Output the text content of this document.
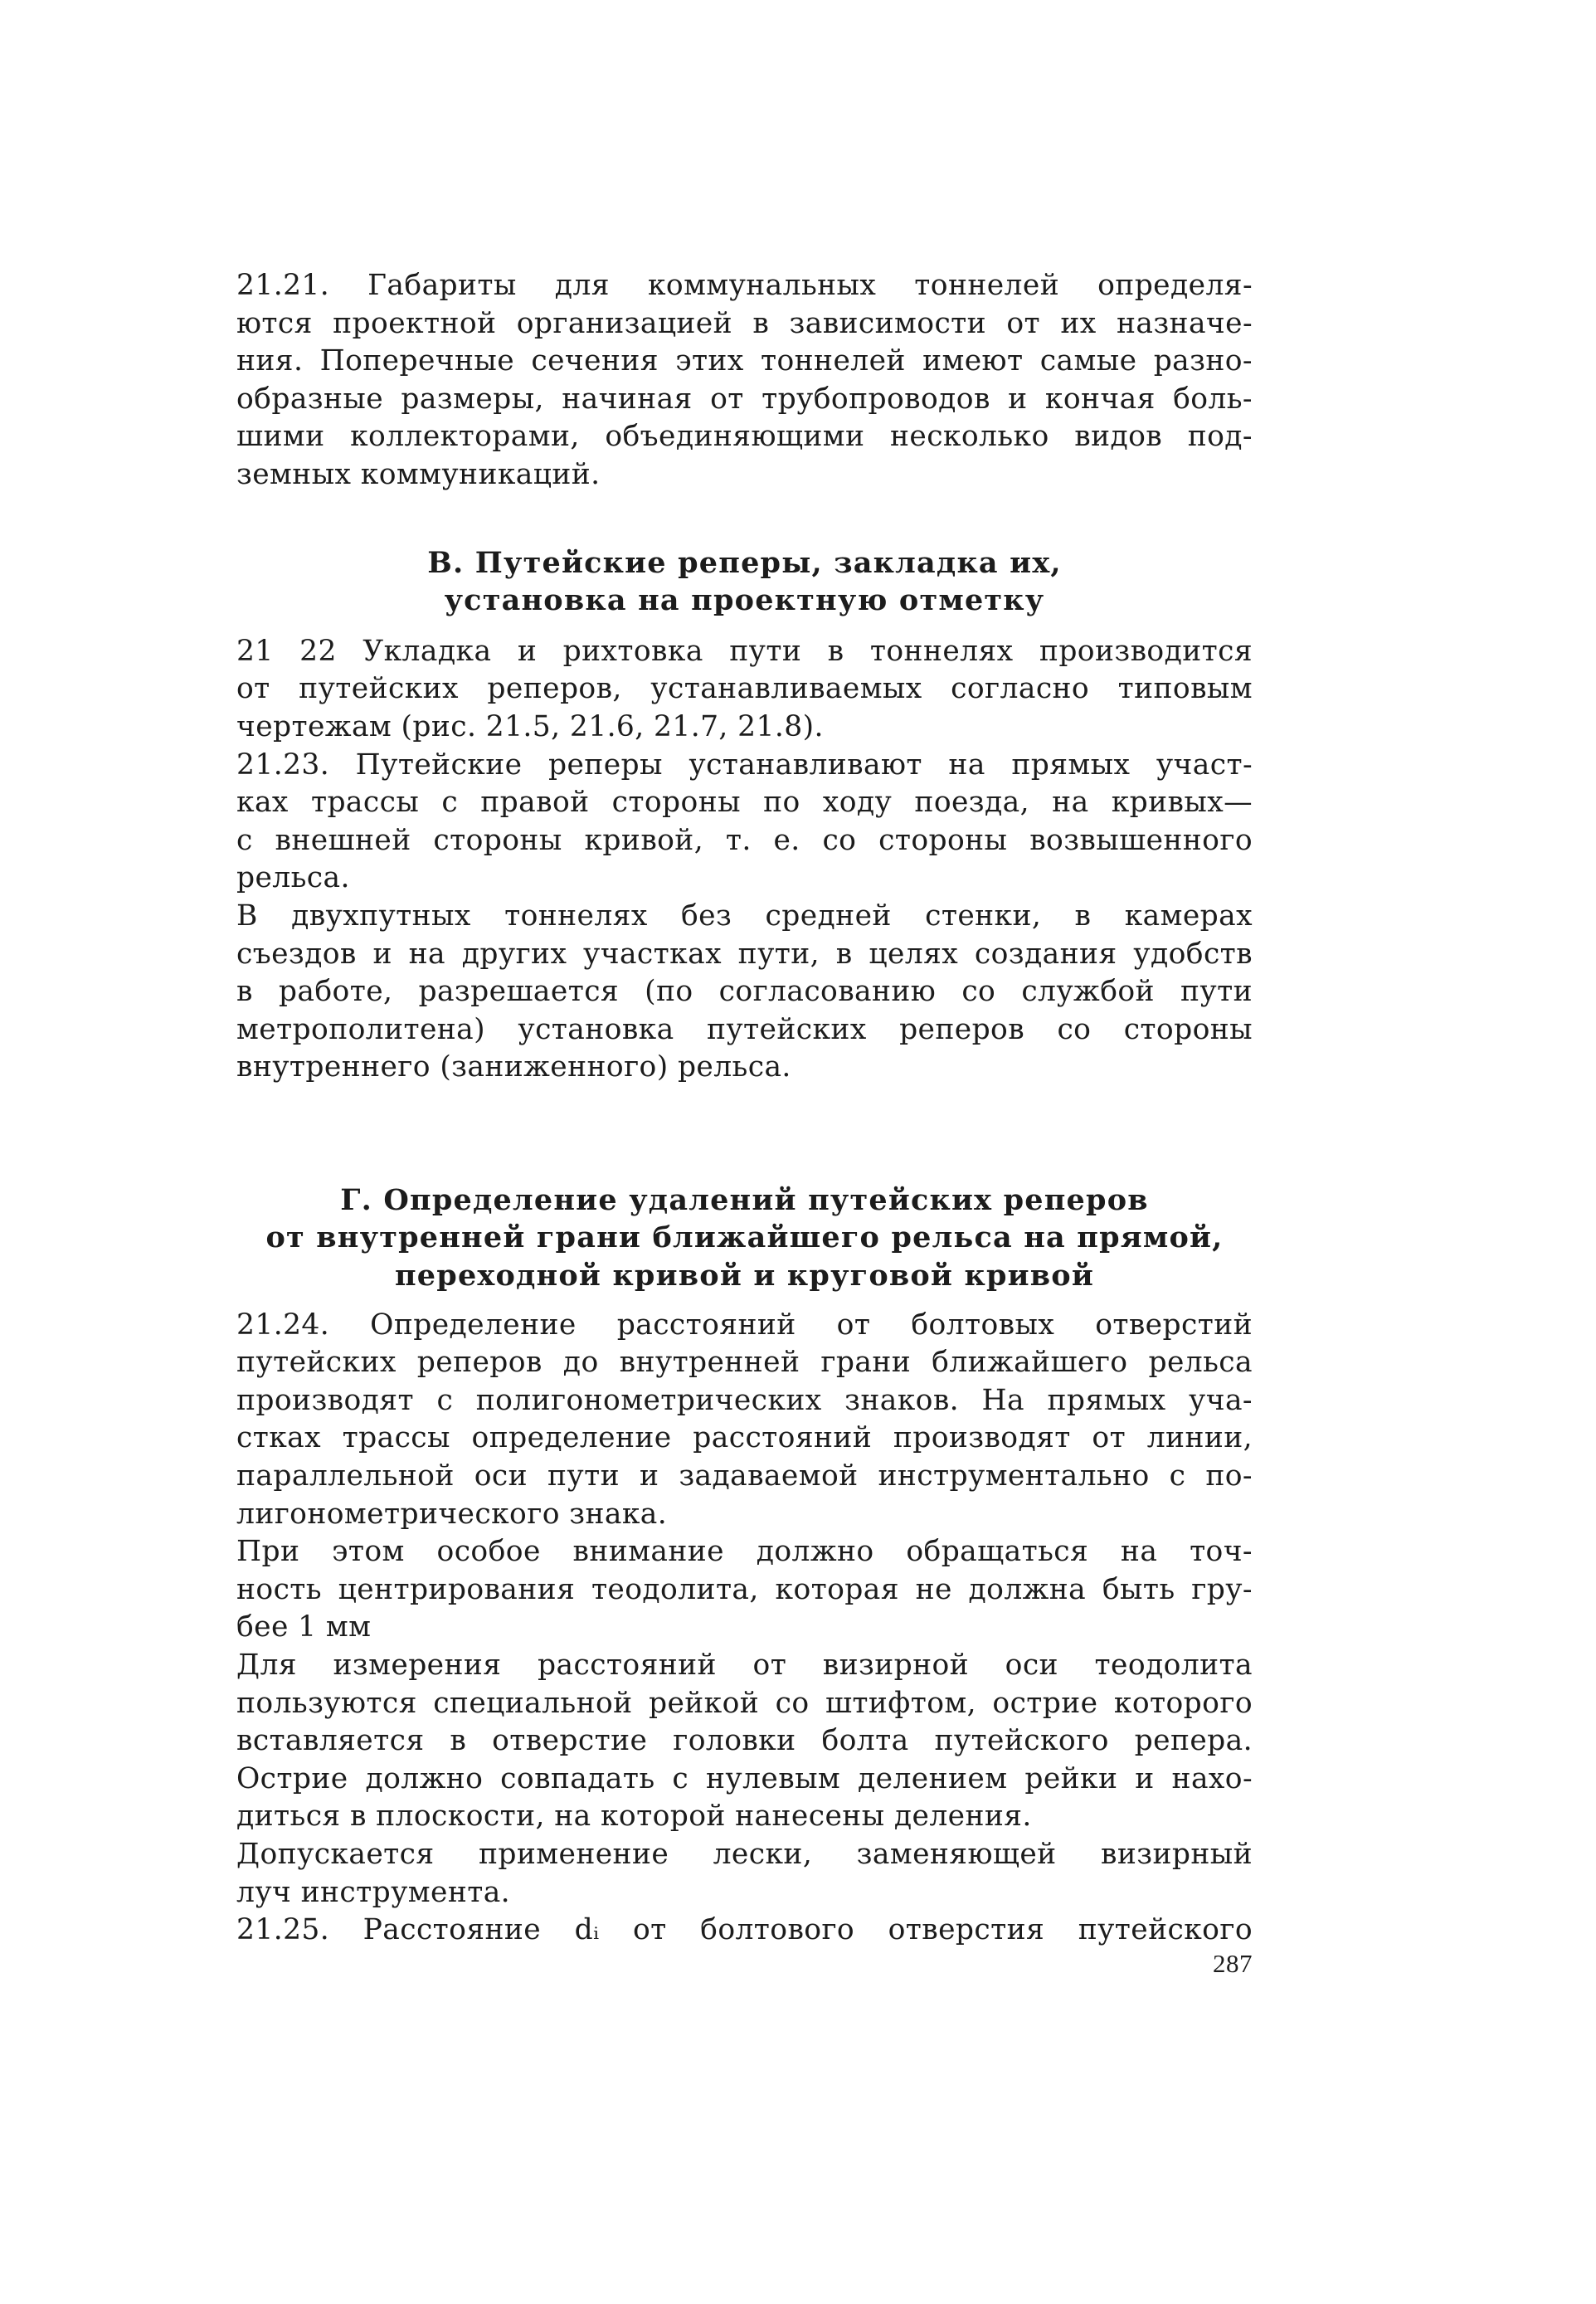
21.21. Габариты для коммунальных тоннелей определя-

ются проектной организацией в зависимости от их назначе-

ния. Поперечные сечения этих тоннелей имеют самые разно-

образные размеры, начиная от трубопроводов и кончая боль-

шими коллекторами, объединяющими несколько видов под-

земных коммуникаций.

В. Путейские реперы, закладка их,

установка на проектную отметку

21 22 Укладка и рихтовка пути в тоннелях производится

от путейских реперов, устанавливаемых согласно типовым

чертежам (рис. 21.5, 21.6, 21.7, 21.8).

21.23. Путейские реперы устанавливают на прямых участ-

ках трассы с правой стороны по ходу поезда, на кривых—

с внешней стороны кривой, т. е. со стороны возвышенного

рельса.

В двухпутных тоннелях без средней стенки, в камерах

съездов и на других участках пути, в целях создания удобств

в работе, разрешается (по согласованию со службой пути

метрополитена) установка путейских реперов со стороны

внутреннего (заниженного) рельса.

Г. Определение удалений путейских реперов

от внутренней грани ближайшего рельса на прямой,

переходной кривой и круговой кривой

21.24. Определение расстояний от болтовых отверстий

путейских реперов до внутренней грани ближайшего рельса

производят с полигонометрических знаков. На прямых уча-

стках трассы определение расстояний производят от линии,

параллельной оси пути и задаваемой инструментально с по-

лигонометрического знака.

При этом особое внимание должно обращаться на точ-

ность центрирования теодолита, которая не должна быть гру-

бее 1 мм

Для измерения расстояний от визирной оси теодолита

пользуются специальной рейкой со штифтом, острие которого

вставляется в отверстие головки болта путейского репера.

Острие должно совпадать с нулевым делением рейки и нахо-

диться в плоскости, на которой нанесены деления.

Допускается применение лески, заменяющей визирный

луч инструмента.

21.25. Расстояние dᵢ от болтового отверстия путейского

287
